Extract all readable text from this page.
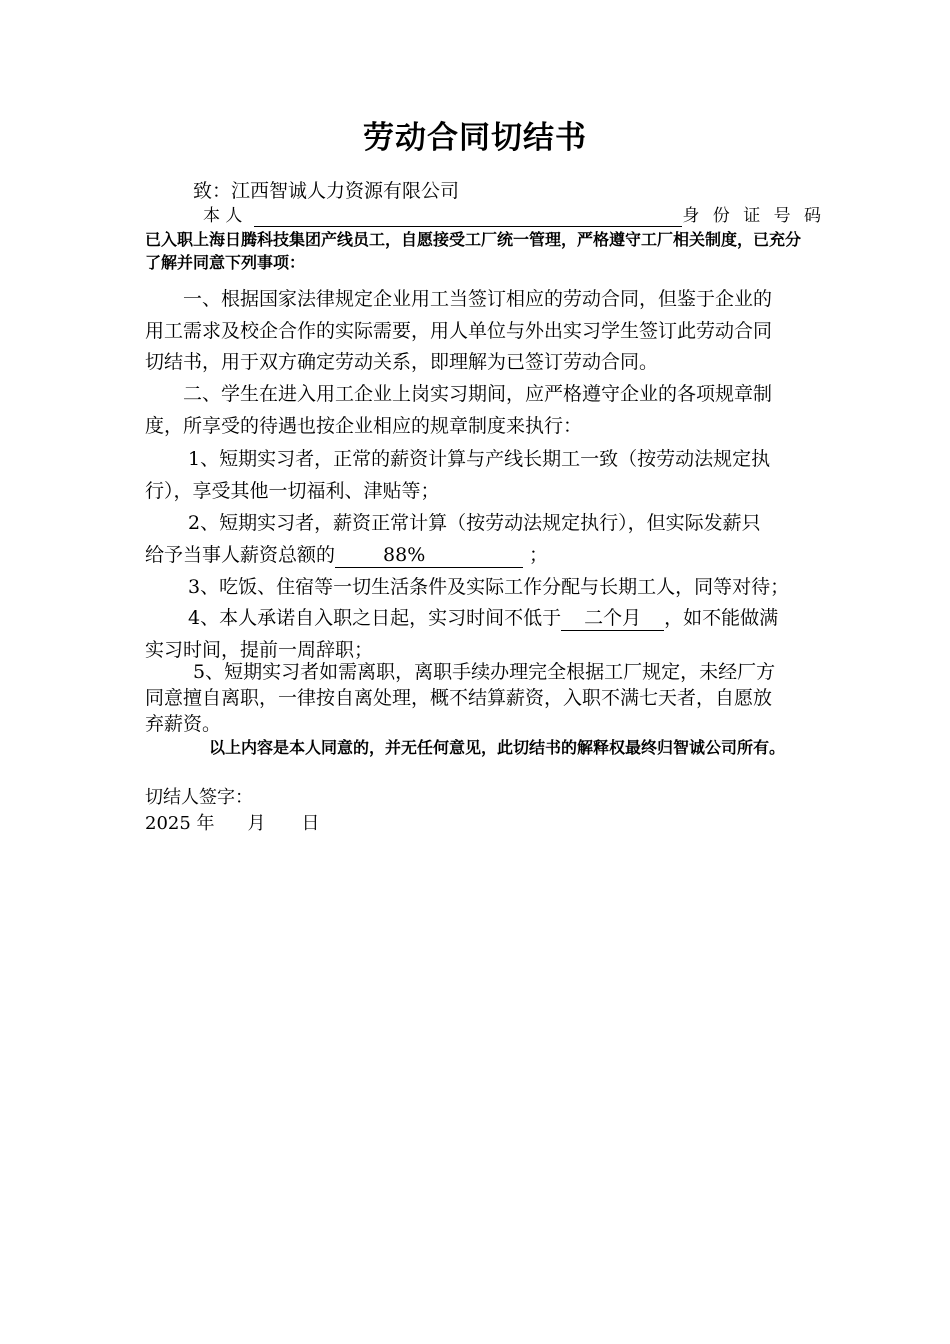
劳动合同切结书
致：江西智诚人力资源有限公司
本 人	身 份 证 号 码
已入职上海日腾科技集团产线员工，自愿接受工厂统一管理，严格遵守工厂相关制度，已充分
了解并同意下列事项：
一、根据国家法律规定企业用工当签订相应的劳动合同，但鉴于企业的
用工需求及校企合作的实际需要，用人单位与外出实习学生签订此劳动合同
切结书，用于双方确定劳动关系，即理解为已签订劳动合同。
二、学生在进入用工企业上岗实习期间，应严格遵守企业的各项规章制
度，所享受的待遇也按企业相应的规章制度来执行：
1、短期实习者，正常的薪资计算与产线长期工一致（按劳动法规定执
行），享受其他一切福利、津贴等；
2、短期实习者，薪资正常计算（按劳动法规定执行），但实际发薪只
给予当事人薪资总额的	88%	；
3、吃饭、住宿等一切生活条件及实际工作分配与长期工人，同等对待；
4、本人承诺自入职之日起，实习时间不低于 二个月 ，如不能做满
实习时间，提前一周辞职；
5、短期实习者如需离职，离职手续办理完全根据工厂规定，未经厂方
同意擅自离职，一律按自离处理，概不结算薪资，入职不满七天者，自愿放
弃薪资。
以上内容是本人同意的，并无任何意见，此切结书的解释权最终归智诚公司所有。
切结人签字：
2025 年 月 日
